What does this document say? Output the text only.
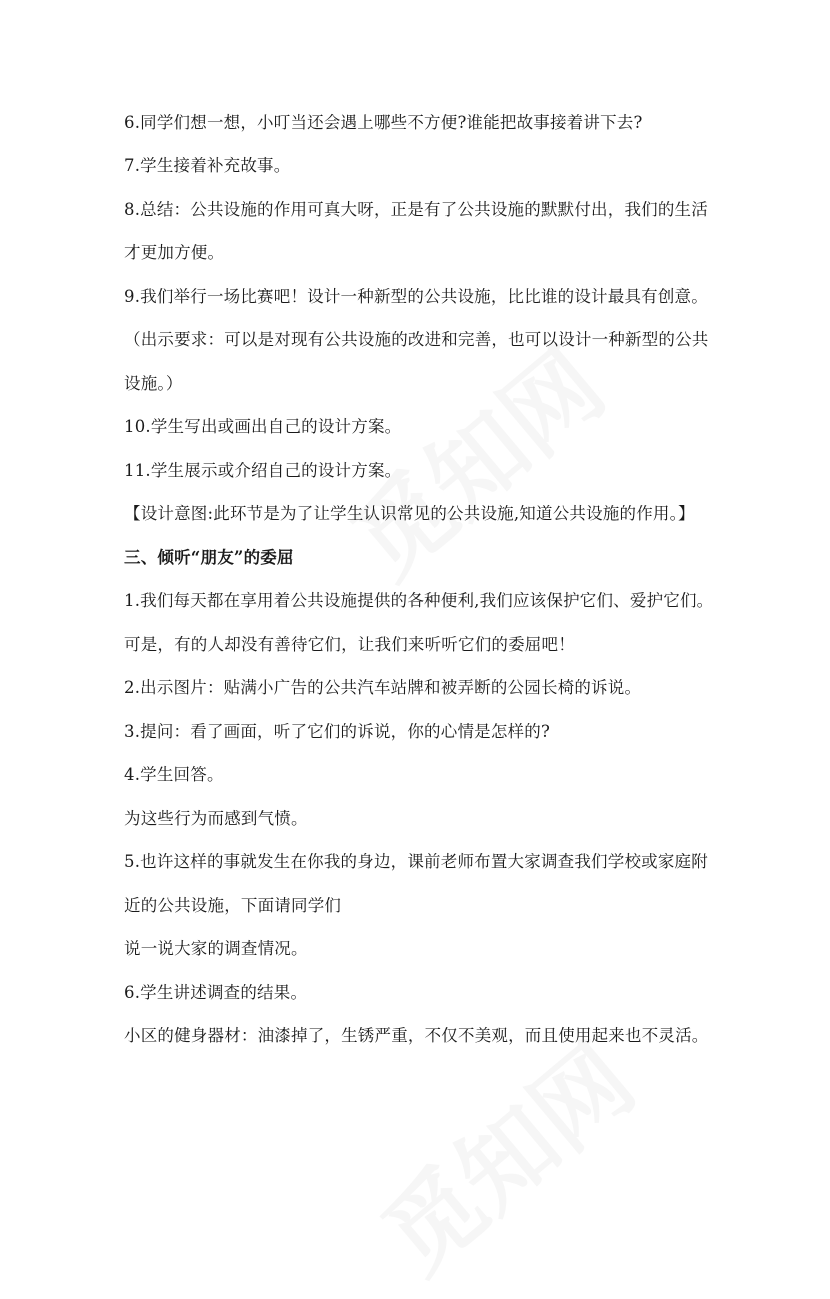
6.同学们想一想，小叮当还会遇上哪些不方便?谁能把故事接着讲下去?
7.学生接着补充故事。
8.总结：公共设施的作用可真大呀，正是有了公共设施的默默付出，我们的生活
才更加方便。
9.我们举行一场比赛吧！设计一种新型的公共设施，比比谁的设计最具有创意。
（出示要求：可以是对现有公共设施的改进和完善，也可以设计一种新型的公共
设施。）
10.学生写出或画出自己的设计方案。
11.学生展示或介绍自己的设计方案。
【设计意图:此环节是为了让学生认识常见的公共设施,知道公共设施的作用。】
三、倾听“朋友”的委屈
1.我们每天都在享用着公共设施提供的各种便利,我们应该保护它们、爱护它们。
可是，有的人却没有善待它们，让我们来听听它们的委屈吧！
2.出示图片：贴满小广告的公共汽车站牌和被弄断的公园长椅的诉说。
3.提问：看了画面，听了它们的诉说，你的心情是怎样的?
4.学生回答。
为这些行为而感到气愤。
5.也许这样的事就发生在你我的身边，课前老师布置大家调查我们学校或家庭附
近的公共设施，下面请同学们
说一说大家的调查情况。
6.学生讲述调查的结果。
小区的健身器材：油漆掉了，生锈严重，不仅不美观，而且使用起来也不灵活。
